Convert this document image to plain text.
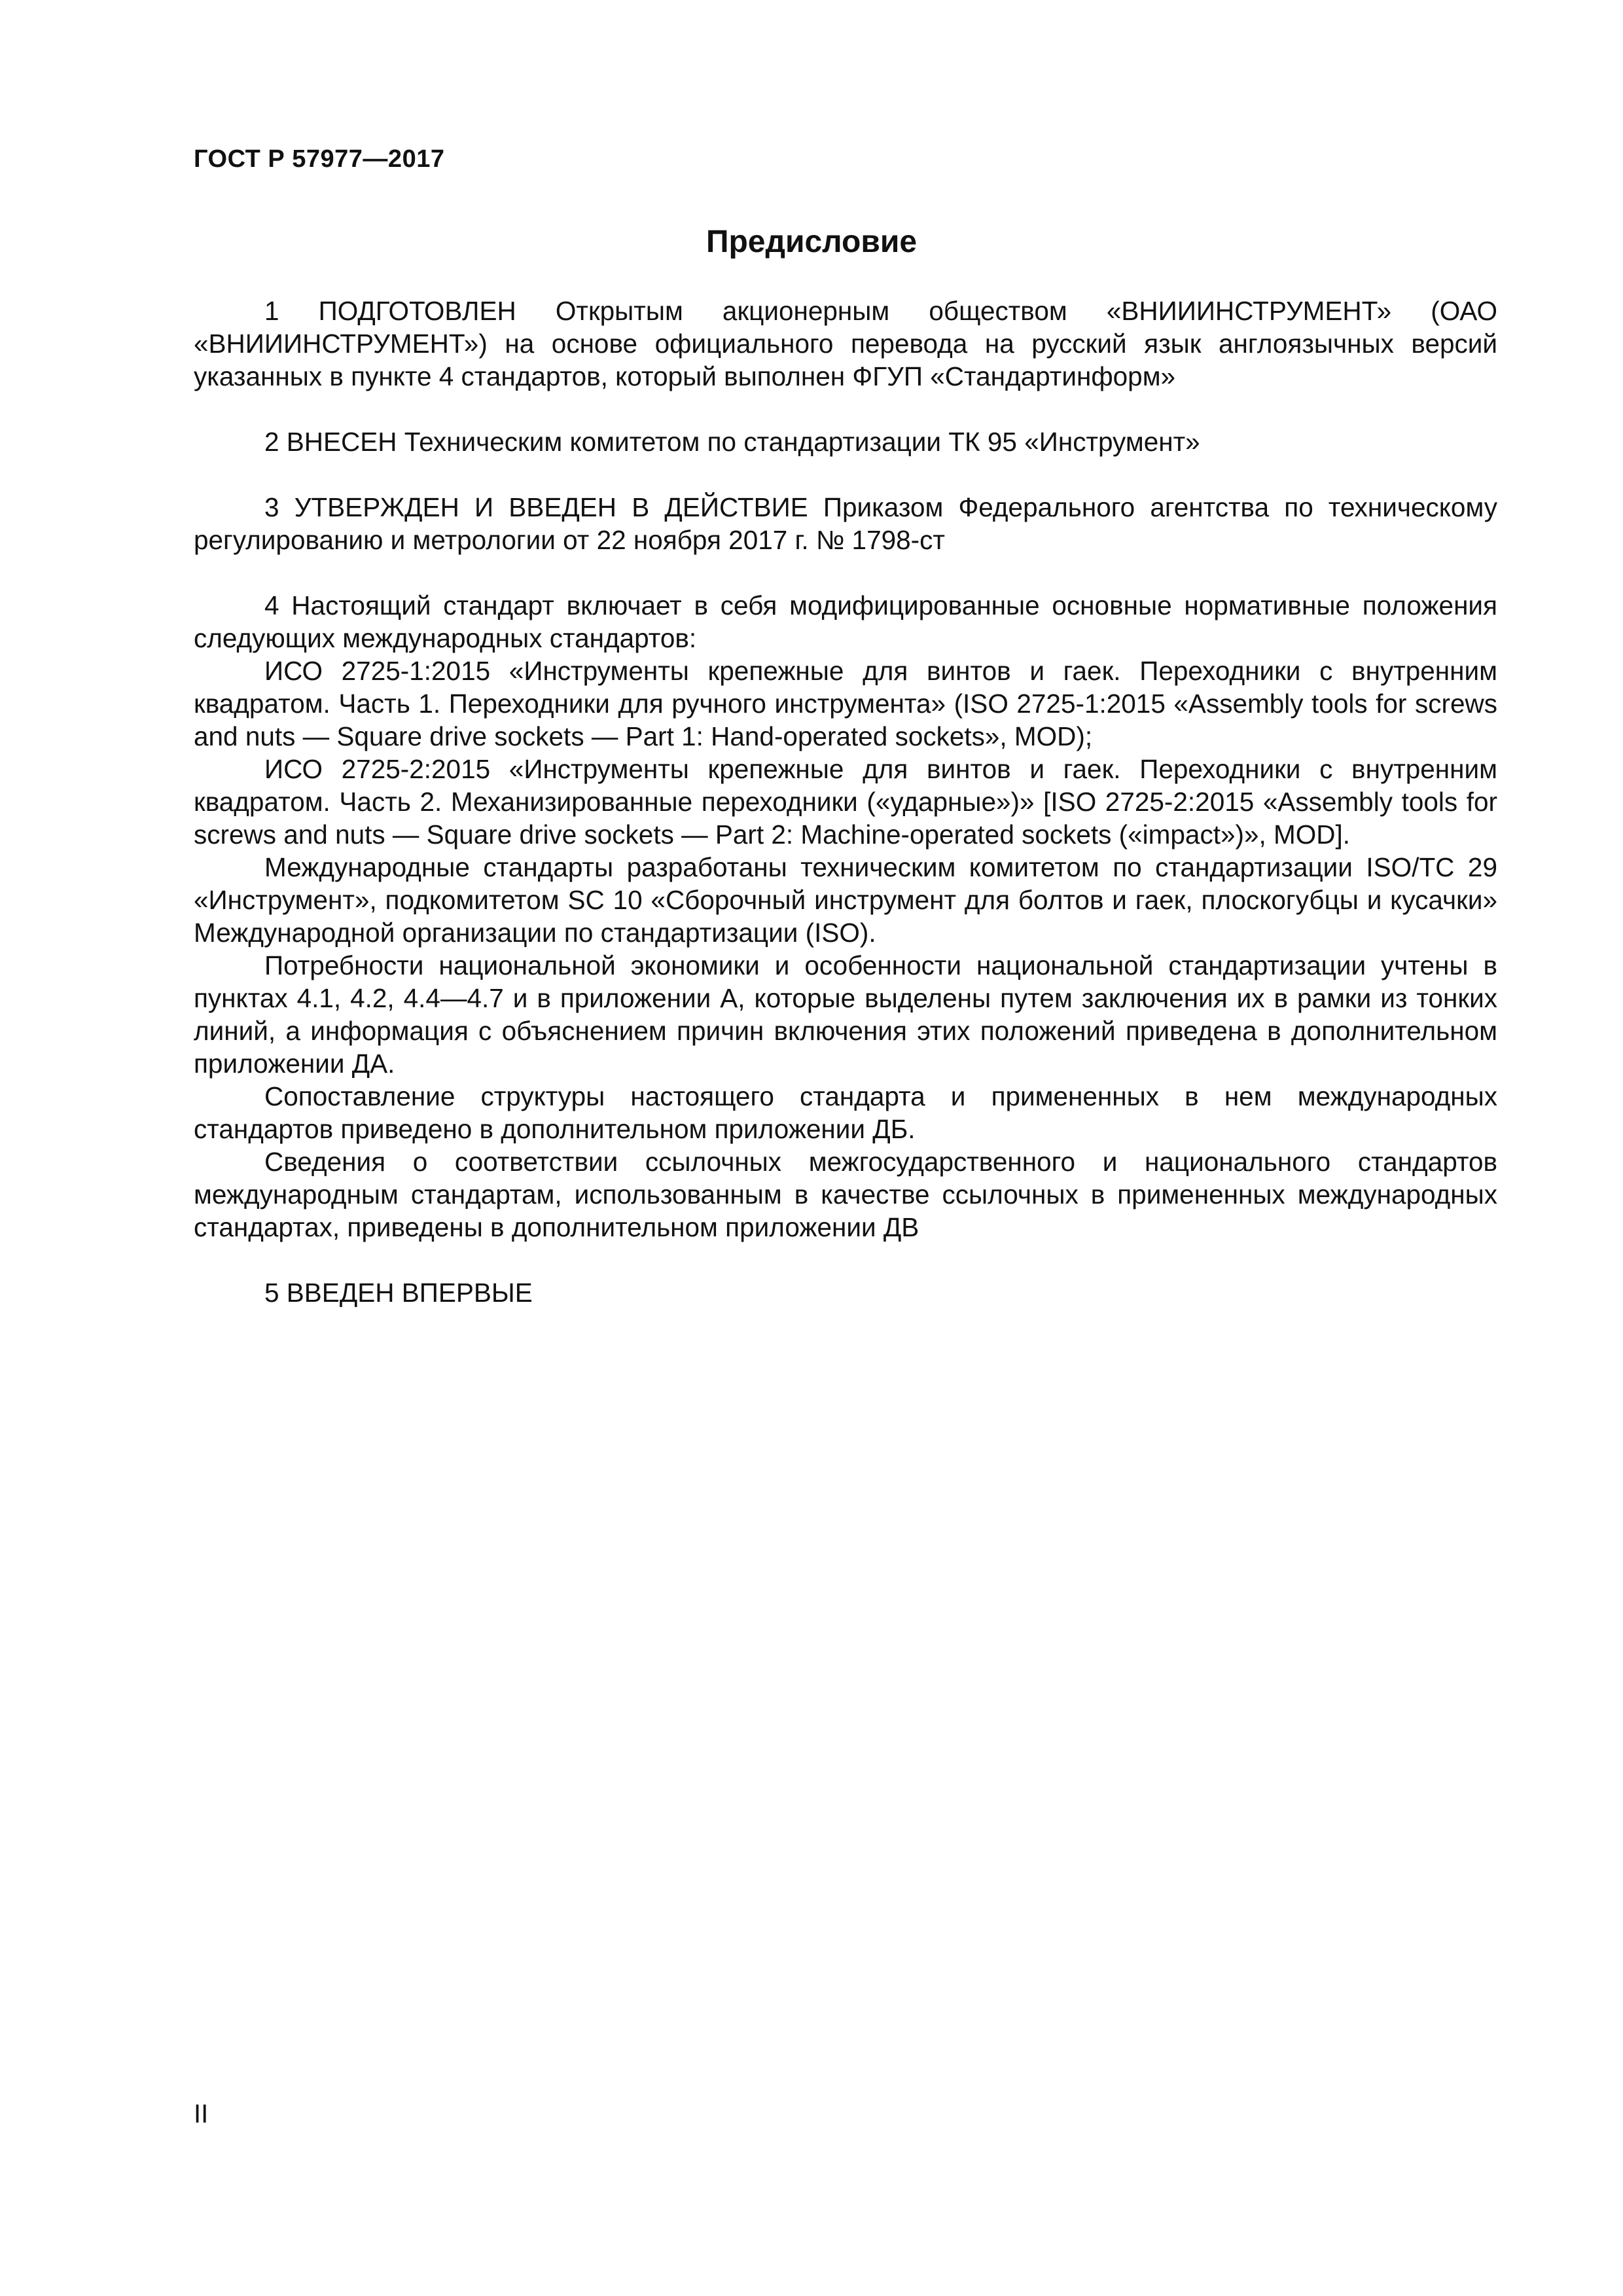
ГОСТ Р 57977—2017
Предисловие

1 ПОДГОТОВЛЕН Открытым акционерным обществом «ВНИИИНСТРУМЕНТ» (ОАО «ВНИИИНСТРУМЕНТ») на основе официального перевода на русский язык англоязычных версий указанных в пункте 4 стандартов, который выполнен ФГУП «Стандартинформ»

2 ВНЕСЕН Техническим комитетом по стандартизации ТК 95 «Инструмент»

3 УТВЕРЖДЕН И ВВЕДЕН В ДЕЙСТВИЕ Приказом Федерального агентства по техническому регулированию и метрологии от 22 ноября 2017 г. № 1798-ст

4 Настоящий стандарт включает в себя модифицированные основные нормативные положения следующих международных стандартов:

ИСО 2725-1:2015 «Инструменты крепежные для винтов и гаек. Переходники с внутренним квадратом. Часть 1. Переходники для ручного инструмента» (ISO 2725-1:2015 «Assembly tools for screws and nuts — Square drive sockets — Part 1: Hand-operated sockets», MOD);

ИСО 2725-2:2015 «Инструменты крепежные для винтов и гаек. Переходники с внутренним квадратом. Часть 2. Механизированные переходники («ударные»)» [ISO 2725-2:2015 «Assembly tools for screws and nuts — Square drive sockets — Part 2: Machine-operated sockets («impact»)», MOD].

Международные стандарты разработаны техническим комитетом по стандартизации ISO/TC 29 «Инструмент», подкомитетом SC 10 «Сборочный инструмент для болтов и гаек, плоскогубцы и кусачки» Международной организации по стандартизации (ISO).

Потребности национальной экономики и особенности национальной стандартизации учтены в пунктах 4.1, 4.2, 4.4—4.7 и в приложении А, которые выделены путем заключения их в рамки из тонких линий, а информация с объяснением причин включения этих положений приведена в дополнительном приложении ДА.

Сопоставление структуры настоящего стандарта и примененных в нем международных стандартов приведено в дополнительном приложении ДБ.

Сведения о соответствии ссылочных межгосударственного и национального стандартов международным стандартам, использованным в качестве ссылочных в примененных международных стандартах, приведены в дополнительном приложении ДВ

5 ВВЕДЕН ВПЕРВЫЕ

II
